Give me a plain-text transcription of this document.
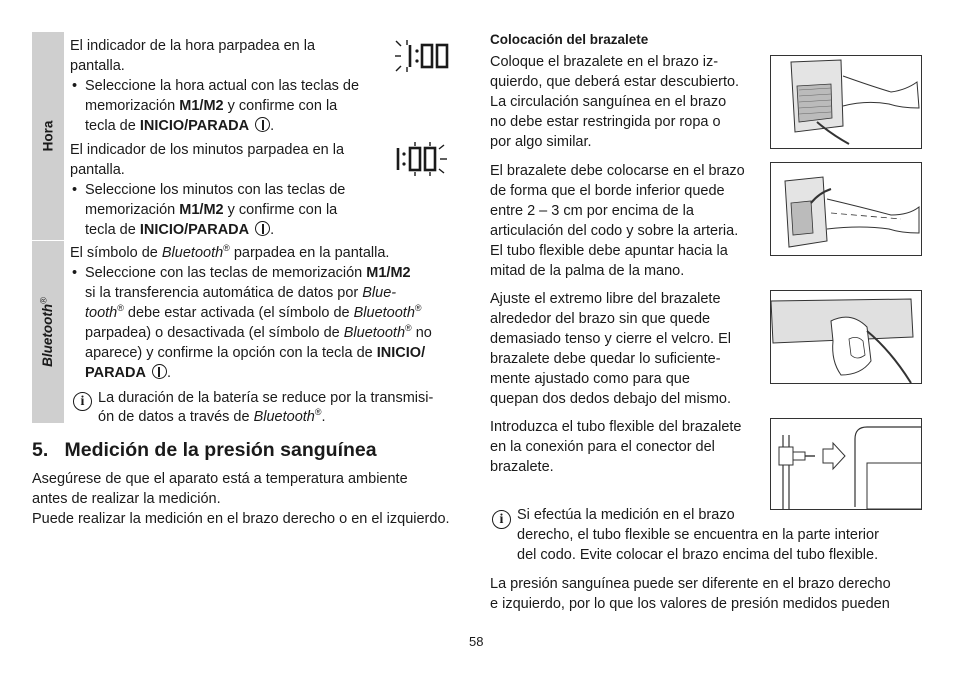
Hora
Bluetooth®
El indicador de la hora parpadea en la
pantalla.
• Seleccione la hora actual con las teclas de
memorización M1/M2 y confirme con la
tecla de INICIO/PARADA .
1:00
El indicador de los minutos parpadea en la
pantalla.
• Seleccione los minutos con las teclas de
memorización M1/M2 y confirme con la
tecla de INICIO/PARADA .
1:00
El símbolo de Bluetooth® parpadea en la pantalla.
• Seleccione con las teclas de memorización M1/M2
si la transferencia automática de datos por Blue-
tooth® debe estar activada (el símbolo de Bluetooth®
parpadea) o desactivada (el símbolo de Bluetooth® no
aparece) y confirme la opción con la tecla de INICIO/
PARADA .
i La duración de la batería se reduce por la transmisi-
ón de datos a través de Bluetooth®.
5.   Medición de la presión sanguínea
Asegúrese de que el aparato está a temperatura ambiente
antes de realizar la medición.
Puede realizar la medición en el brazo derecho o en el izquierdo.
Colocación del brazalete
Coloque el brazalete en el brazo iz-
quierdo, que deberá estar descubierto.
La circulación sanguínea en el brazo
no debe estar restringida por ropa o
por algo similar.
El brazalete debe colocarse en el brazo
de forma que el borde inferior quede
entre 2 – 3 cm por encima de la
articulación del codo y sobre la arteria.
El tubo flexible debe apuntar hacia la
mitad de la palma de la mano.
Ajuste el extremo libre del brazalete
alrededor del brazo sin que quede
demasiado tenso y cierre el velcro. El
brazalete debe quedar lo suficiente-
mente ajustado como para que
quepan dos dedos debajo del mismo.
Introduzca el tubo flexible del brazalete
en la conexión para el conector del
brazalete.
i Si efectúa la medición en el brazo
derecho, el tubo flexible se encuentra en la parte interior
del codo. Evite colocar el brazo encima del tubo flexible.
La presión sanguínea puede ser diferente en el brazo derecho
e izquierdo, por lo que los valores de presión medidos pueden
58
